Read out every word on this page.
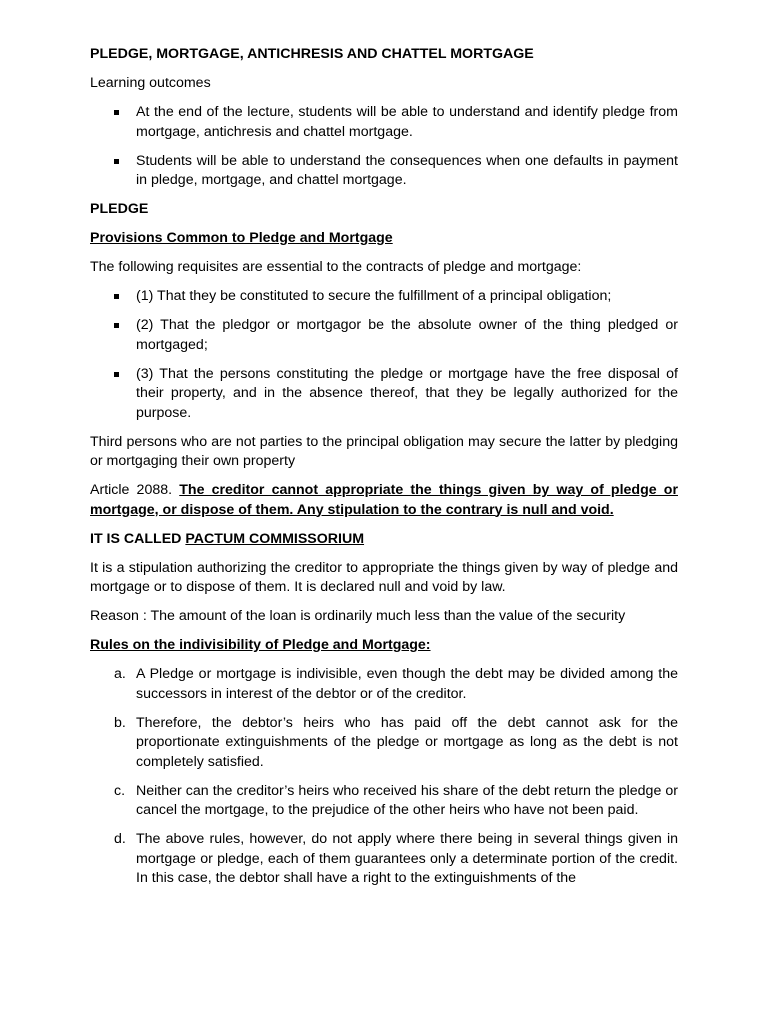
PLEDGE, MORTGAGE, ANTICHRESIS AND CHATTEL MORTGAGE

Learning outcomes

At the end of the lecture, students will be able to understand and identify pledge from mortgage, antichresis and chattel mortgage.
Students will be able to understand the consequences when one defaults in payment in pledge, mortgage, and chattel mortgage.

PLEDGE

Provisions Common to Pledge and Mortgage

The following requisites are essential to the contracts of pledge and mortgage:

(1) That they be constituted to secure the fulfillment of a principal obligation;
(2) That the pledgor or mortgagor be the absolute owner of the thing pledged or mortgaged;
(3) That the persons constituting the pledge or mortgage have the free disposal of their property, and in the absence thereof, that they be legally authorized for the purpose.

Third persons who are not parties to the principal obligation may secure the latter by pledging or mortgaging their own property

Article 2088. The creditor cannot appropriate the things given by way of pledge or mortgage, or dispose of them. Any stipulation to the contrary is null and void.

IT IS CALLED PACTUM COMMISSORIUM

It is a stipulation authorizing the creditor to appropriate the things given by way of pledge and mortgage or to dispose of them. It is declared null and void by law.

Reason : The amount of the loan is ordinarily much less than the value of the security

Rules on the indivisibility of Pledge and Mortgage:

a. A Pledge or mortgage is indivisible, even though the debt may be divided among the successors in interest of the debtor or of the creditor.
b. Therefore, the debtor’s heirs who has paid off the debt cannot ask for the proportionate extinguishments of the pledge or mortgage as long as the debt is not completely satisfied.
c. Neither can the creditor’s heirs who received his share of the debt return the pledge or cancel the mortgage, to the prejudice of the other heirs who have not been paid.
d. The above rules, however, do not apply where there being in several things given in mortgage or pledge, each of them guarantees only a determinate portion of the credit. In this case, the debtor shall have a right to the extinguishments of the
